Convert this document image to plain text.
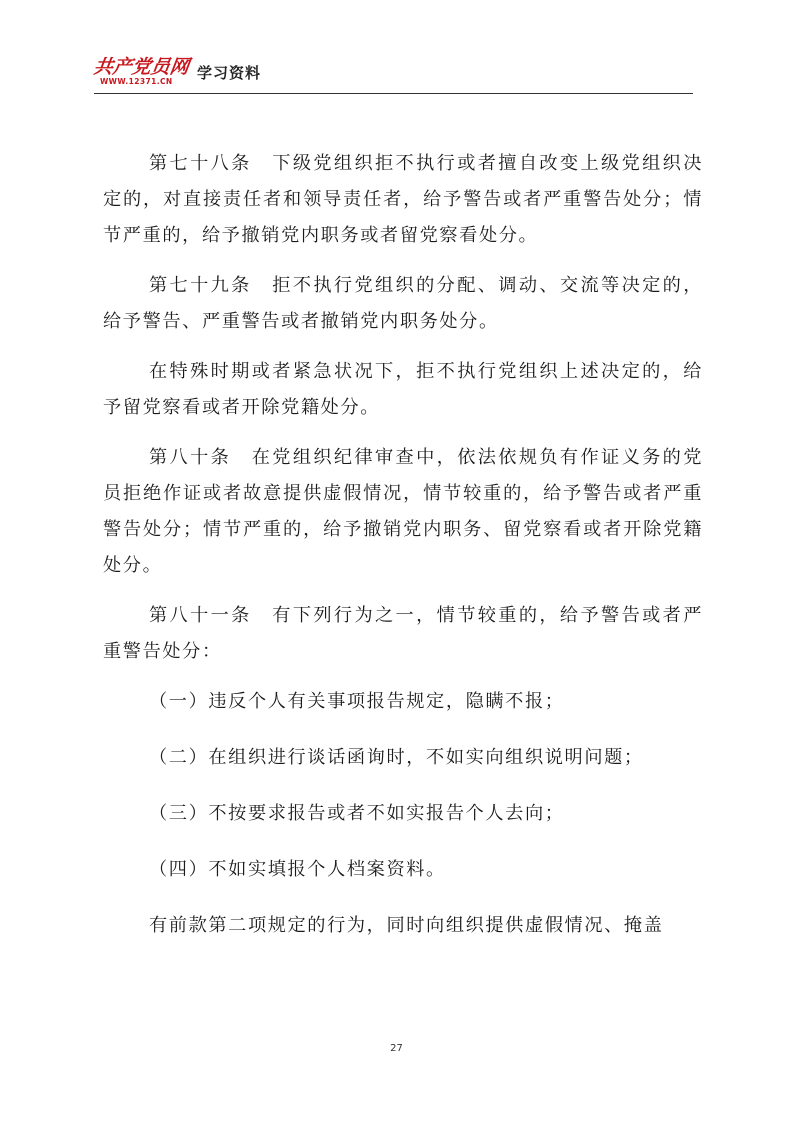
共产党员网
WWW.12371.CN 学习资料

第七十八条　下级党组织拒不执行或者擅自改变上级党组织决定的，对直接责任者和领导责任者，给予警告或者严重警告处分；情节严重的，给予撤销党内职务或者留党察看处分。

第七十九条　拒不执行党组织的分配、调动、交流等决定的，给予警告、严重警告或者撤销党内职务处分。

在特殊时期或者紧急状况下，拒不执行党组织上述决定的，给予留党察看或者开除党籍处分。

第八十条　在党组织纪律审查中，依法依规负有作证义务的党员拒绝作证或者故意提供虚假情况，情节较重的，给予警告或者严重警告处分；情节严重的，给予撤销党内职务、留党察看或者开除党籍处分。

第八十一条　有下列行为之一，情节较重的，给予警告或者严重警告处分：

（一）违反个人有关事项报告规定，隐瞒不报；

（二）在组织进行谈话函询时，不如实向组织说明问题；

（三）不按要求报告或者不如实报告个人去向；

（四）不如实填报个人档案资料。

有前款第二项规定的行为，同时向组织提供虚假情况、掩盖

27
